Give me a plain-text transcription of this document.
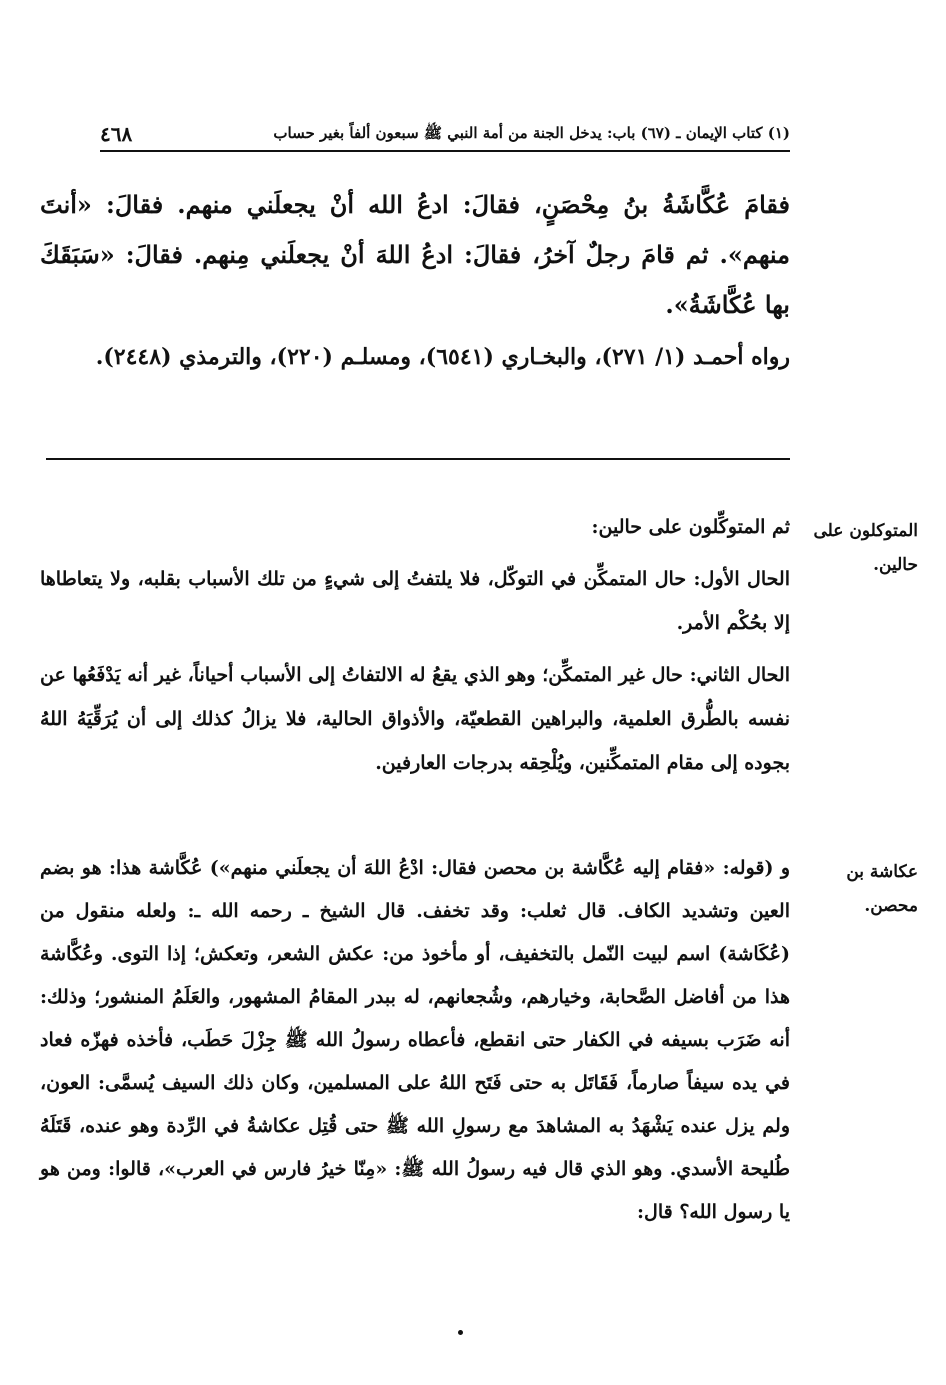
٤٦٨	(١) كتاب الإيمان ـ (٦٧) باب: يدخل الجنة من أمة النبي ﷺ سبعون ألفاً بغير حساب

فقامَ عُكَّاشَةُ بنُ مِحْصَنٍ، فقالَ: ادعُ الله أنْ يجعلَني منهم. فقالَ: «أنتَ منهم». ثم قامَ رجلٌ آخرُ، فقالَ: ادعُ اللهَ أنْ يجعلَني مِنهم. فقالَ: «سَبَقَكَ بها عُكَّاشَةُ».

رواه أحمـد (١/ ٢٧١)، والبخـاري (٦٥٤١)، ومسلـم (٢٢٠)، والترمذي (٢٤٤٨).

المتوكلون على حالين.

ثم المتوكِّلون على حالين:

الحال الأول: حال المتمكِّن في التوكّل، فلا يلتفتُ إلى شيءٍ من تلك الأسباب بقلبه، ولا يتعاطاها إلا بحُكْم الأمر.

الحال الثاني: حال غير المتمكِّن؛ وهو الذي يقعُ له الالتفاتُ إلى الأسباب أحياناً، غير أنه يَدْفَعُها عن نفسه بالطُّرق العلمية، والبراهين القطعيّة، والأذواق الحالية، فلا يزالُ كذلك إلى أن يُرَقِّيَهُ اللهُ بجوده إلى مقام المتمكِّنين، ويُلْحِقه بدرجات العارفين.

عكاشة بن محصن.

و (قوله: «فقام إليه عُكَّاشة بن محصن فقال: ادْعُ اللهَ أن يجعلَني منهم») عُكَّاشة هذا: هو بضم العين وتشديد الكاف. قال ثعلب: وقد تخفف. قال الشيخ ـ رحمه الله ـ: ولعله منقول من (عُكَاشة) اسم لبيت النّمل بالتخفيف، أو مأخوذ من: عكش الشعر، وتعكش؛ إذا التوى. وعُكَّاشة هذا من أفاضل الصَّحابة، وخيارهم، وشُجعانهم، له ببدر المقامُ المشهور، والعَلَمُ المنشور؛ وذلك: أنه ضَرَب بسيفه في الكفار حتى انقطع، فأعطاه رسولُ الله ﷺ جِزْلَ حَطَب، فأخذه فهزّه فعاد في يده سيفاً صارماً، فَقَاتَل به حتى فَتَح اللهُ على المسلمين، وكان ذلك السيف يُسمَّى: العون، ولم يزل عنده يَشْهَدُ به المشاهدَ مع رسولِ الله ﷺ حتى قُتِل عكاشةُ في الرِّدة وهو عنده، قَتَلَهُ طُليحة الأسدي. وهو الذي قال فيه رسولُ الله ﷺ: «مِنّا خيرُ فارس في العرب»، قالوا: ومن هو يا رسول الله؟ قال:
